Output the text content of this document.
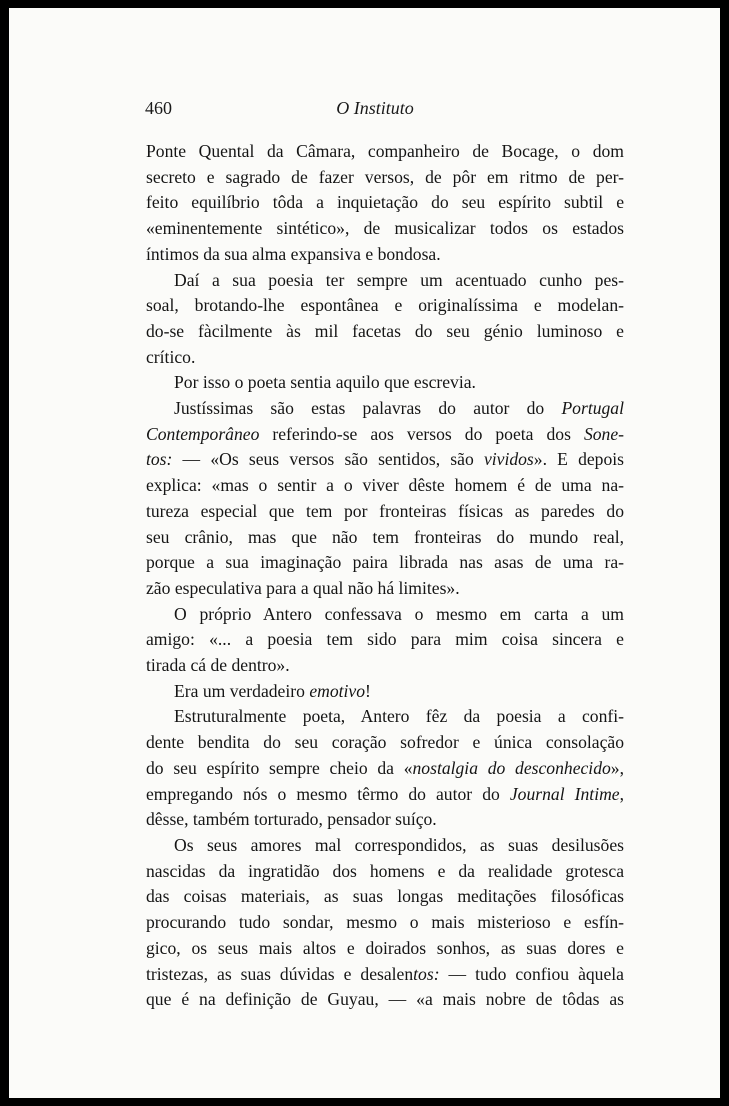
460	O Instituto
Ponte Quental da Câmara, companheiro de Bocage, o dom
secreto e sagrado de fazer versos, de pôr em ritmo de per-
feito equilíbrio tôda a inquietação do seu espírito subtil e
«eminentemente sintético», de musicalizar todos os estados
íntimos da sua alma expansiva e bondosa.
Daí a sua poesia ter sempre um acentuado cunho pes-
soal, brotando-lhe espontânea e originalíssima e modelan-
do-se fàcilmente às mil facetas do seu génio luminoso e
crítico.
Por isso o poeta sentia aquilo que escrevia.
Justíssimas são estas palavras do autor do Portugal
Contemporâneo referindo-se aos versos do poeta dos Sone-
tos: — «Os seus versos são sentidos, são vividos». E depois
explica: «mas o sentir a o viver dêste homem é de uma na-
tureza especial que tem por fronteiras físicas as paredes do
seu crânio, mas que não tem fronteiras do mundo real,
porque a sua imaginação paira librada nas asas de uma ra-
zão especulativa para a qual não há limites».
O próprio Antero confessava o mesmo em carta a um
amigo: «... a poesia tem sido para mim coisa sincera e
tirada cá de dentro».
Era um verdadeiro emotivo!
Estruturalmente poeta, Antero fêz da poesia a confi-
dente bendita do seu coração sofredor e única consolação
do seu espírito sempre cheio da «nostalgia do desconhecido»,
empregando nós o mesmo têrmo do autor do Journal Intime,
dêsse, também torturado, pensador suíço.
Os seus amores mal correspondidos, as suas desilusões
nascidas da ingratidão dos homens e da realidade grotesca
das coisas materiais, as suas longas meditações filosóficas
procurando tudo sondar, mesmo o mais misterioso e esfín-
gico, os seus mais altos e doirados sonhos, as suas dores e
tristezas, as suas dúvidas e desalentos: — tudo confiou àquela
que é na definição de Guyau, — «a mais nobre de tôdas as
